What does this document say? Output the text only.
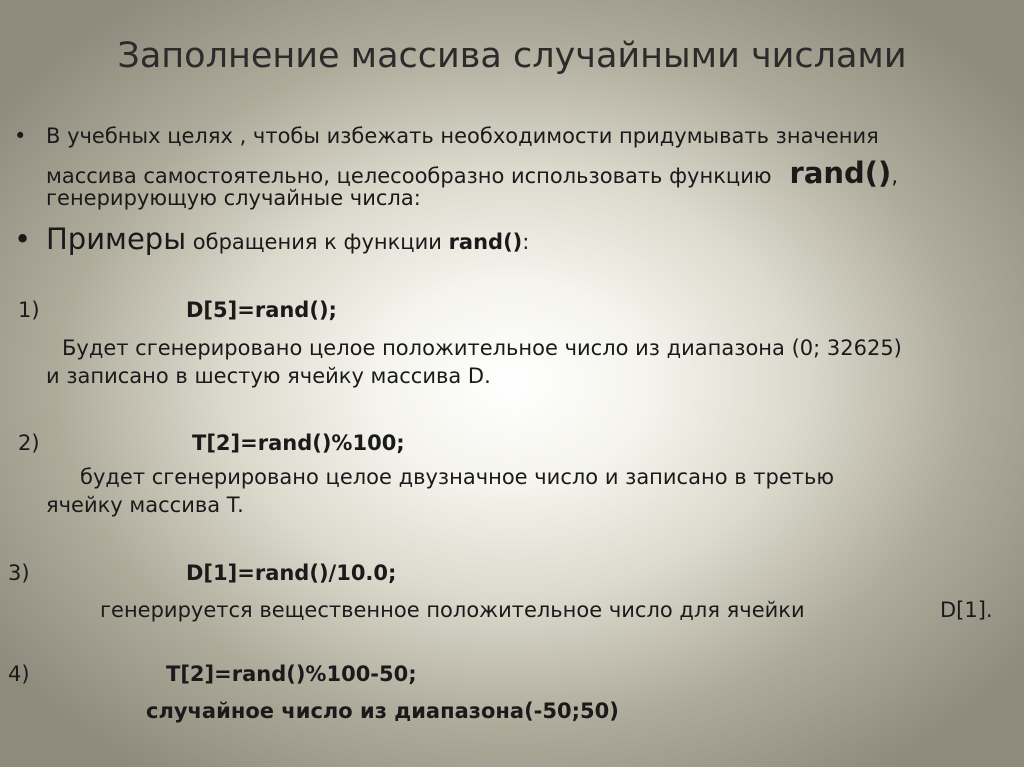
Заполнение массива случайными числами
• В учебных целях , чтобы избежать необходимости придумывать значения
массива самостоятельно, целесообразно использовать функцию rand(),
генерирующую случайные числа:
• Примеры обращения к функции rand():
1)	D[5]=rand();
Будет сгенерировано целое положительное число из диапазона (0; 32625)
и записано в шестую ячейку массива D.
2)	T[2]=rand()%100;
будет сгенерировано целое двузначное число и записано в третью
ячейку массива T.
3)	D[1]=rand()/10.0;
генерируется вещественное положительное число для ячейки	D[1].
4)	T[2]=rand()%100-50;
случайное число из диапазона(-50;50)
